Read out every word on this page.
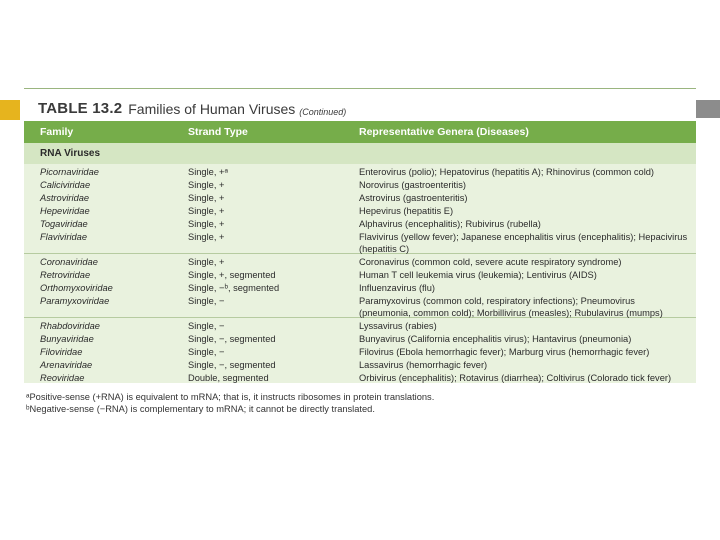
TABLE 13.2 Families of Human Viruses (Continued)
Family	Strand Type	Representative Genera (Diseases)
RNA Viruses
Picornaviridae	Single, +ᵃ	Enterovirus (polio); Hepatovirus (hepatitis A); Rhinovirus (common cold)
Caliciviridae	Single, +	Norovirus (gastroenteritis)
Astroviridae	Single, +	Astrovirus (gastroenteritis)
Hepeviridae	Single, +	Hepevirus (hepatitis E)
Togaviridae	Single, +	Alphavirus (encephalitis); Rubivirus (rubella)
Flaviviridae	Single, +	Flavivirus (yellow fever); Japanese encephalitis virus (encephalitis); Hepacivirus (hepatitis C)
Coronaviridae	Single, +	Coronavirus (common cold, severe acute respiratory syndrome)
Retroviridae	Single, +, segmented	Human T cell leukemia virus (leukemia); Lentivirus (AIDS)
Orthomyxoviridae	Single, −ᵇ, segmented	Influenzavirus (flu)
Paramyxoviridae	Single, −	Paramyxovirus (common cold, respiratory infections); Pneumovirus (pneumonia, common cold); Morbillivirus (measles); Rubulavirus (mumps)
Rhabdoviridae	Single, −	Lyssavirus (rabies)
Bunyaviridae	Single, −, segmented	Bunyavirus (California encephalitis virus); Hantavirus (pneumonia)
Filoviridae	Single, −	Filovirus (Ebola hemorrhagic fever); Marburg virus (hemorrhagic fever)
Arenaviridae	Single, −, segmented	Lassavirus (hemorrhagic fever)
Reoviridae	Double, segmented	Orbivirus (encephalitis); Rotavirus (diarrhea); Coltivirus (Colorado tick fever)
ᵃPositive-sense (+RNA) is equivalent to mRNA; that is, it instructs ribosomes in protein translations.
ᵇNegative-sense (−RNA) is complementary to mRNA; it cannot be directly translated.
